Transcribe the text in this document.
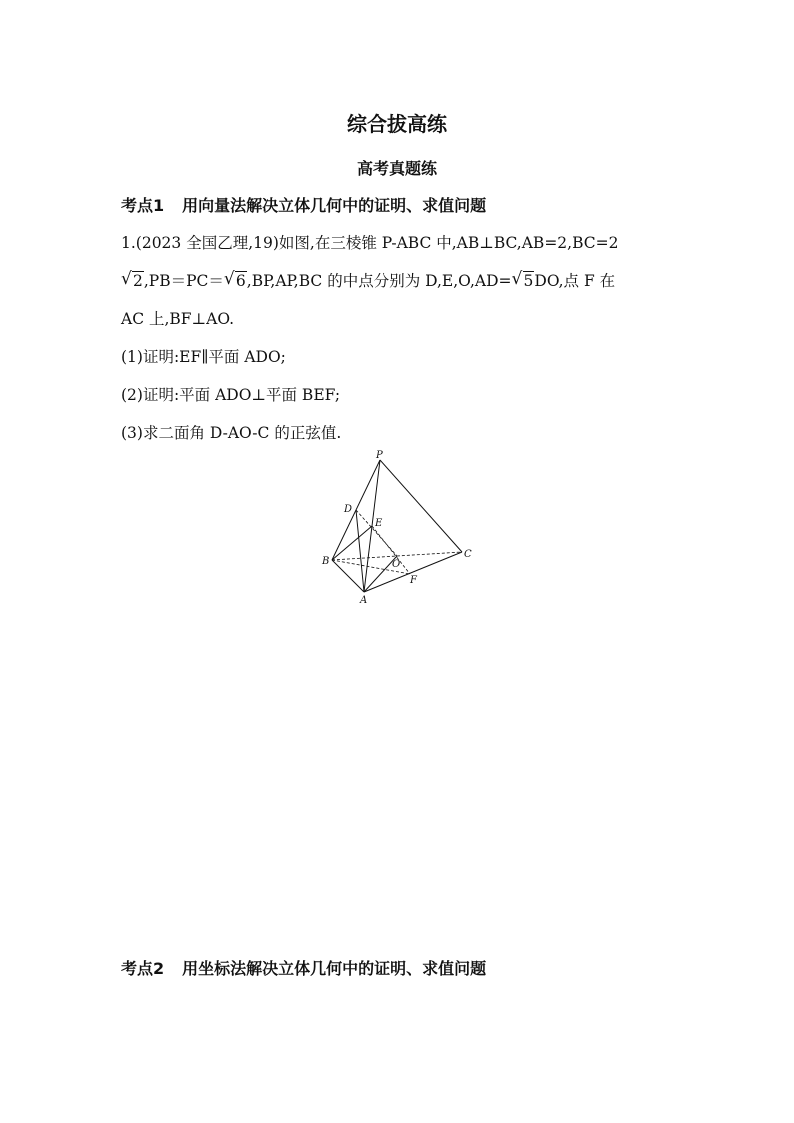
综合拔高练
高考真题练
考点1 用向量法解决立体几何中的证明、求值问题
1.(2023 全国乙理,19)如图,在三棱锥 P-ABC 中,AB⊥BC,AB=2,BC=2
√ 2,PB＝PC＝ √ 6,BP,AP,BC 的中点分别为 D,E,O,AD= √ 5DO,点 F 在
AC 上,BF⊥AO.
(1)证明:EF∥平面 ADO;
(2)证明:平面 ADO⊥平面 BEF;
(3)求二面角 D-AO-C 的正弦值.
P
D
E
B	O
C
F
A
考点2 用坐标法解决立体几何中的证明、求值问题
